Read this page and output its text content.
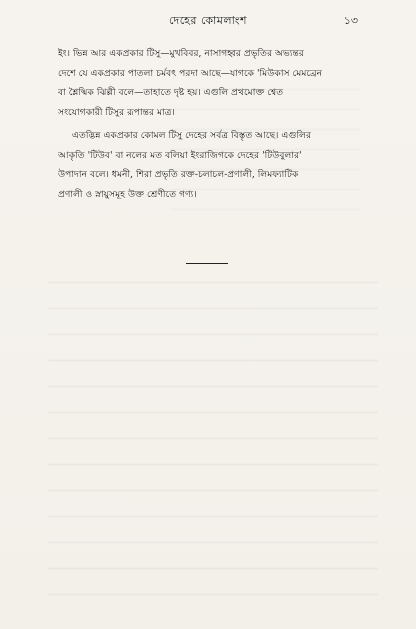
দেহের কোমলাংশ	১৩

ইং। ভিন্ন আর একপ্রকার টিসু—মুখবিবর, নাসাগহ্বর প্রভৃতির অভ্যন্তর
দেশে যে একপ্রকার পাতলা চর্মবৎ পরদা আছে—যাগকে 'মিউকাস মেমব্রেন
বা শ্লৈষ্মিক ঝিল্লী বলে—তাহাতে দৃষ্ট হয়। এগুলি প্রথমোক্ত শ্বেত
সংযোগকারী টিসুর রূপান্তর মাত্র।

এতদ্ভিন্ন একপ্রকার কোমল টিসু দেহের সর্বত্র বিস্তৃত আছে। এগুলির
আকৃতি 'টিউব' বা নলের মত বলিয়া ইংরাজিগকে দেহের 'টিউবুলার'
উপাদান বলে। ধমনী, শিরা প্রভৃতি রক্ত-চলাচল-প্রণালী, লিমফ্যাটিক
প্রণালী ও স্নায়ুসমূহ উক্ত শ্রেণীতে গণ্য।
